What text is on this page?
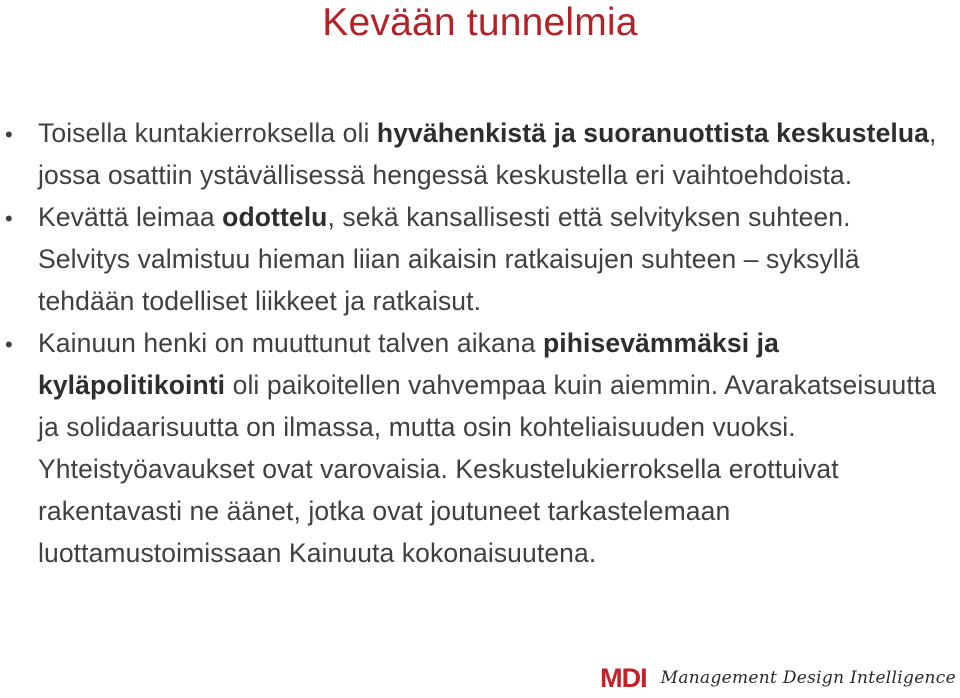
Kevään tunnelmia
• Toisella kuntakierroksella oli hyvähenkistä ja suoranuottista keskustelua, jossa osattiin ystävällisessä hengessä keskustella eri vaihtoehdoista.
• Kevättä leimaa odottelu, sekä kansallisesti että selvityksen suhteen. Selvitys valmistuu hieman liian aikaisin ratkaisujen suhteen – syksyllä tehdään todelliset liikkeet ja ratkaisut.
• Kainuun henki on muuttunut talven aikana pihisevämmäksi ja kyläpolitikointi oli paikoitellen vahvempaa kuin aiemmin. Avarakatseisuutta ja solidaarisuutta on ilmassa, mutta osin kohteliaisuuden vuoksi. Yhteistyöavaukset ovat varovaisia. Keskustelukierroksella erottuivat rakentavasti ne äänet, jotka ovat joutuneet tarkastelemaan luottamustoimissaan Kainuuta kokonaisuutena.
MDI Management Design Intelligence
